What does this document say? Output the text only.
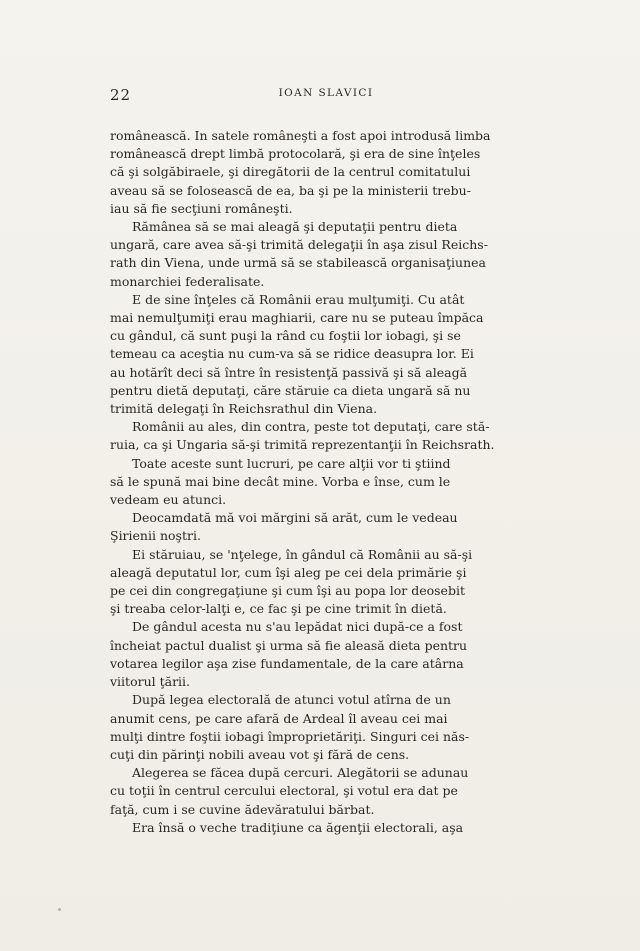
22	IOAN SLAVICI

românească. In satele româneşti a fost apoi introdusă limba
românească drept limbă protocolară, şi era de sine înţeles
că şi solgăbiraele, şi diregătorii de la centrul comitatului
aveau să se folosească de ea, ba şi pe la ministerii trebu-
iau să fie secţiuni româneşti.

Rămânea să se mai aleagă şi deputaţii pentru dieta
ungară, care avea să-şi trimită delegaţii în aşa zisul Reichs-
rath din Viena, unde urmă să se stabilească organisaţiunea
monarchiei federalisate.

E de sine înţeles că Românii erau mulţumiţi. Cu atât
mai nemulţumiţi erau maghiarii, care nu se puteau împăca
cu gândul, că sunt puşi la rând cu foştii lor iobagi, şi se
temeau ca aceştia nu cum-va să se ridice deasupra lor. Ei
au hotărît deci să între în resistenţă passivă şi să aleagă
pentru dietă deputaţi, căre stăruie ca dieta ungară să nu
trimită delegaţi în Reichsrathul din Viena.

Românii au ales, din contra, peste tot deputaţi, care stă-
ruia, ca şi Ungaria să-şi trimită reprezentanţii în Reichsrath.

Toate aceste sunt lucruri, pe care alţii vor ti ştiind
să le spună mai bine decât mine. Vorba e înse, cum le
vedeam eu atunci.

Deocamdată mă voi mărgini să arăt, cum le vedeau
Şirienii noştri.

Ei stăruiau, se 'nţelege, în gândul că Românii au să-şi
aleagă deputatul lor, cum îşi aleg pe cei dela primărie şi
pe cei din congregaţiune şi cum îşi au popa lor deosebit
şi treaba celor-lalţi e, ce fac şi pe cine trimit în dietă.

De gândul acesta nu s'au lepădat nici după-ce a fost
încheiat pactul dualist şi urma să fie aleasă dieta pentru
votarea legilor aşa zise fundamentale, de la care atârna
viitorul ţării.

După legea electorală de atunci votul atîrna de un
anumit cens, pe care afară de Ardeal îl aveau cei mai
mulţi dintre foştii iobagi împroprietăriţi. Singuri cei năs-
cuţi din părinţi nobili aveau vot şi fără de cens.

Alegerea se făcea după cercuri. Alegătorii se adunau
cu toţii în centrul cercului electoral, şi votul era dat pe
faţă, cum i se cuvine ădevăratului bărbat.

Era însă o veche tradiţiune ca ăgenţii electorali, aşa
